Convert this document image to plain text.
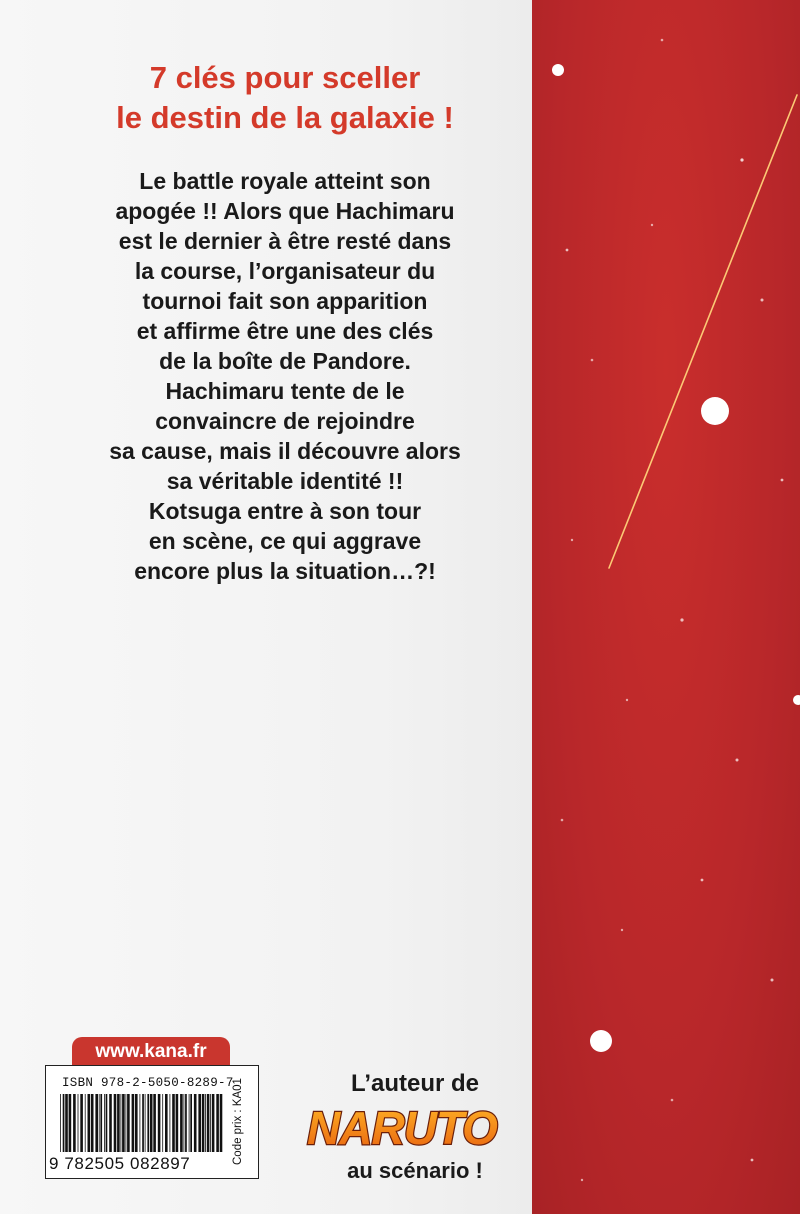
7 clés pour sceller
le destin de la galaxie !

Le battle royale atteint son
apogée !! Alors que Hachimaru
est le dernier à être resté dans
la course, l’organisateur du
tournoi fait son apparition
et affirme être une des clés
de la boîte de Pandore.
Hachimaru tente de le
convaincre de rejoindre
sa cause, mais il découvre alors
sa véritable identité !!
Kotsuga entre à son tour
en scène, ce qui aggrave
encore plus la situation…?!

www.kana.fr
ISBN 978-2-5050-8289-7
9 782505 082897	Code prix : KA01	L’auteur de
NARUTO
au scénario !
